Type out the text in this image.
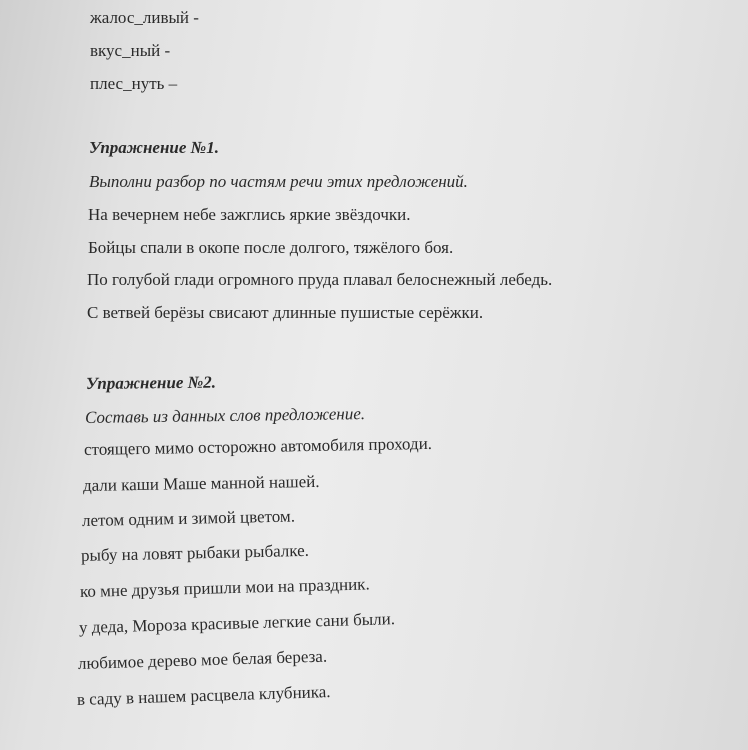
жалос_ливый -
вкус_ный -
плес_нуть –
Упражнение №1.
Выполни разбор по частям речи этих предложений.
На вечернем небе зажглись яркие звёздочки.
Бойцы спали в окопе после долгого, тяжёлого боя.
По голубой глади огромного пруда плавал белоснежный лебедь.
С ветвей берёзы свисают длинные пушистые серёжки.
Упражнение №2.
Составь из данных слов предложение.
стоящего мимо осторожно автомобиля проходи.
дали каши Маше манной нашей.
летом одним и зимой цветом.
рыбу на ловят рыбаки рыбалке.
ко мне друзья пришли мои на праздник.
у деда, Мороза красивые легкие сани были.
любимое дерево мое белая береза.
в саду в нашем расцвела клубника.
